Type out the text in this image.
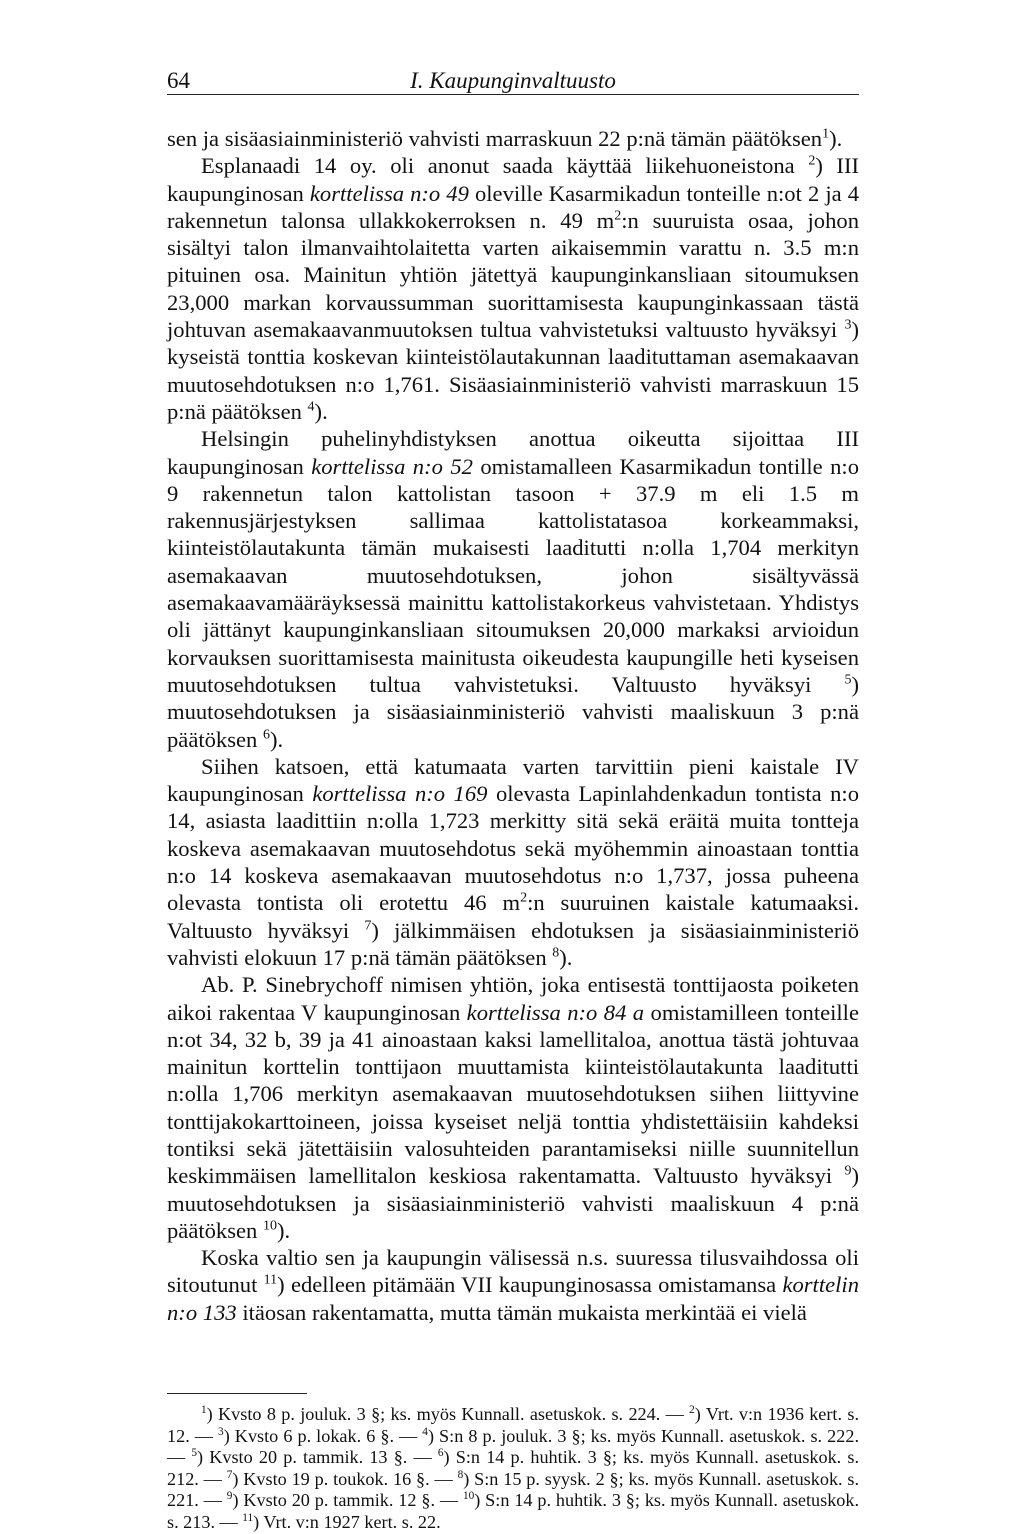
64	I. Kaupunginvaltuusto

sen ja sisäasiainministeriö vahvisti marraskuun 22 p:nä tämän päätöksen$^1$).

Esplanaadi 14 oy. oli anonut saada käyttää liikehuoneistona $^2$) III kaupunginosan korttelissa n:o 49 oleville Kasarmikadun tonteille n:ot 2 ja 4 rakennetun talonsa ullakkokerroksen n. 49 $m^2:n$ suuruista osaa, johon sisältyi talon ilmanvaihtolaitetta varten aikaisemmin varattu n. 3.5 m:n pituinen osa. Mainitun yhtiön jätettyä kaupunginkansliaan sitoumuksen 23,000 markan korvaussumman suorittamisesta kaupunginkassaan tästä johtuvan asemakaavanmuutoksen tultua vahvistetuksi valtuusto hyväksyi $^3$) kyseistä tonttia koskevan kiinteistölautakunnan laadituttaman asemakaavan muutosehdotuksen n:o 1,761. Sisäasiainministeriö vahvisti marraskuun 15 p:nä päätöksen $^4$).

Helsingin puhelinyhdistyksen anottua oikeutta sijoittaa III kaupunginosan korttelissa n:o 52 omistamalleen Kasarmikadun tontille n:o 9 rakennetun talon kattolistan tasoon + 37.9 m eli 1.5 m rakennusjärjestyksen sallimaa kattolistatasoa korkeammaksi, kiinteistölautakunta tämän mukaisesti laaditutti n:olla 1,704 merkityn asemakaavan muutosehdotuksen, johon sisältyvässä asemakaavamääräyksessä mainittu kattolistakorkeus vahvistetaan. Yhdistys oli jättänyt kaupunginkansliaan sitoumuksen 20,000 markaksi arvioidun korvauksen suorittamisesta mainitusta oikeudesta kaupungille heti kyseisen muutosehdotuksen tultua vahvistetuksi. Valtuusto hyväksyi $^5$) muutosehdotuksen ja sisäasiainministeriö vahvisti maaliskuun 3 p:nä päätöksen $^6$).

Siihen katsoen, että katumaata varten tarvittiin pieni kaistale IV kaupunginosan korttelissa n:o 169 olevasta Lapinlahdenkadun tontista n:o 14, asiasta laadittiin n:olla 1,723 merkitty sitä sekä eräitä muita tontteja koskeva asemakaavan muutosehdotus sekä myöhemmin ainoastaan tonttia n:o 14 koskeva asemakaavan muutosehdotus n:o 1,737, jossa puheena olevasta tontista oli erotettu 46 $m^2:n$ suuruinen kaistale katumaaksi. Valtuusto hyväksyi $^7$) jälkimmäisen ehdotuksen ja sisäasiainministeriö vahvisti elokuun 17 p:nä tämän päätöksen $^8$).

Ab. P. Sinebrychoff nimisen yhtiön, joka entisestä tonttijaosta poiketen aikoi rakentaa V kaupunginosan korttelissa n:o 84 a omistamilleen tonteille n:ot 34, 32 b, 39 ja 41 ainoastaan kaksi lamellitaloa, anottua tästä johtuvaa mainitun korttelin tonttijaon muuttamista kiinteistölautakunta laaditutti n:olla 1,706 merkityn asemakaavan muutosehdotuksen siihen liittyvine tonttijakokarttoineen, joissa kyseiset neljä tonttia yhdistettäisiin kahdeksi tontiksi sekä jätettäisiin valosuhteiden parantamiseksi niille suunnitellun keskimmäisen lamellitalon keskiosa rakentamatta. Valtuusto hyväksyi $^9$) muutosehdotuksen ja sisäasiainministeriö vahvisti maaliskuun 4 p:nä päätöksen $^{10}$).

Koska valtio sen ja kaupungin välisessä n.s. suuressa tilusvaihdossa oli sitoutunut $^{11}$) edelleen pitämään VII kaupunginosassa omistamansa korttelin n:o 133 itäosan rakentamatta, mutta tämän mukaista merkintää ei vielä

$^1$) Kvsto 8 p. jouluk. 3 §; ks. myös Kunnall. asetuskok. s. 224. — $^2$) Vrt. v:n 1936 kert. s. 12. — $^3$) Kvsto 6 p. lokak. 6 §. — $^4$) S:n 8 p. jouluk. 3 §; ks. myös Kunnall. asetuskok. s. 222. — $^5$) Kvsto 20 p. tammik. 13 §. — $^6$) S:n 14 p. huhtik. 3 §; ks. myös Kunnall. asetuskok. s. 212. — $^7$) Kvsto 19 p. toukok. 16 §. — $^8$) S:n 15 p. syysk. 2 §; ks. myös Kunnall. asetuskok. s. 221. — $^9$) Kvsto 20 p. tammik. 12 §. — $^{10}$) S:n 14 p. huhtik. 3 §; ks. myös Kunnall. asetuskok. s. 213. — $^{11}$) Vrt. v:n 1927 kert. s. 22.
